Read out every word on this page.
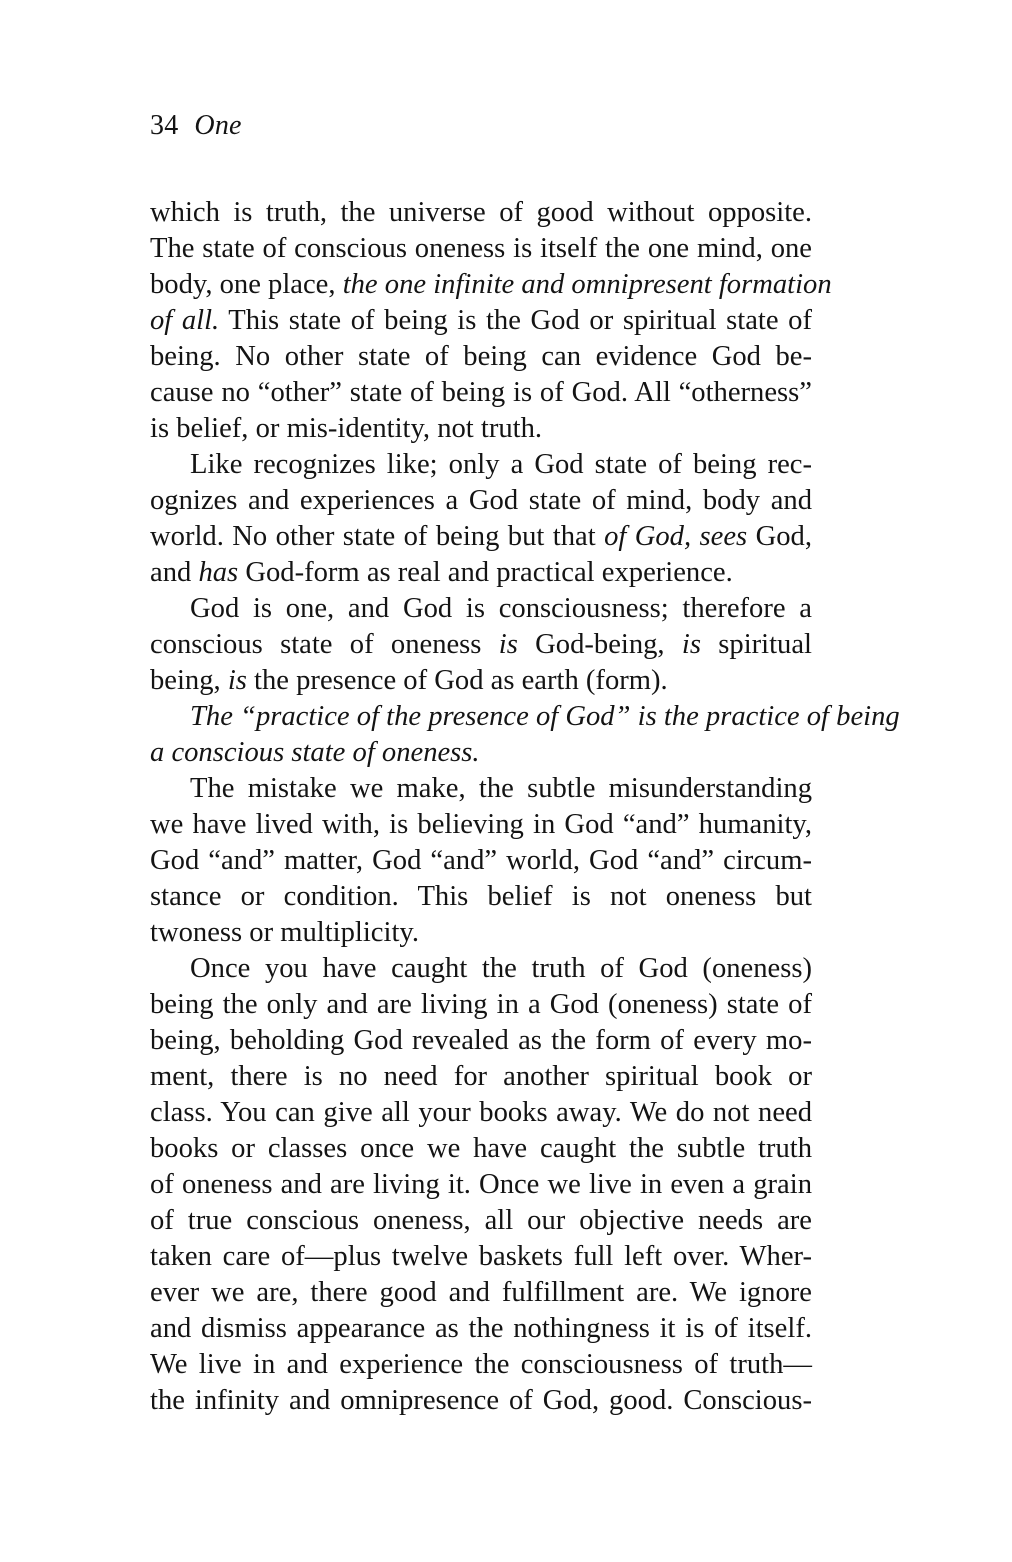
34 One
which is truth, the universe of good without opposite.
The state of conscious oneness is itself the one mind, one
body, one place, the one infinite and omnipresent formation
of all. This state of being is the God or spiritual state of
being. No other state of being can evidence God be-
cause no “other” state of being is of God. All “otherness”
is belief, or mis-identity, not truth.
Like recognizes like; only a God state of being rec-
ognizes and experiences a God state of mind, body and
world. No other state of being but that of God, sees God,
and has God-form as real and practical experience.
God is one, and God is consciousness; therefore a
conscious state of oneness is God-being, is spiritual
being, is the presence of God as earth (form).
The “practice of the presence of God” is the practice of being
a conscious state of oneness.
The mistake we make, the subtle misunderstanding
we have lived with, is believing in God “and” humanity,
God “and” matter, God “and” world, God “and” circum-
stance or condition. This belief is not oneness but
twoness or multiplicity.
Once you have caught the truth of God (oneness)
being the only and are living in a God (oneness) state of
being, beholding God revealed as the form of every mo-
ment, there is no need for another spiritual book or
class. You can give all your books away. We do not need
books or classes once we have caught the subtle truth
of oneness and are living it. Once we live in even a grain
of true conscious oneness, all our objective needs are
taken care of—plus twelve baskets full left over. Wher-
ever we are, there good and fulfillment are. We ignore
and dismiss appearance as the nothingness it is of itself.
We live in and experience the consciousness of truth—
the infinity and omnipresence of God, good. Conscious-
